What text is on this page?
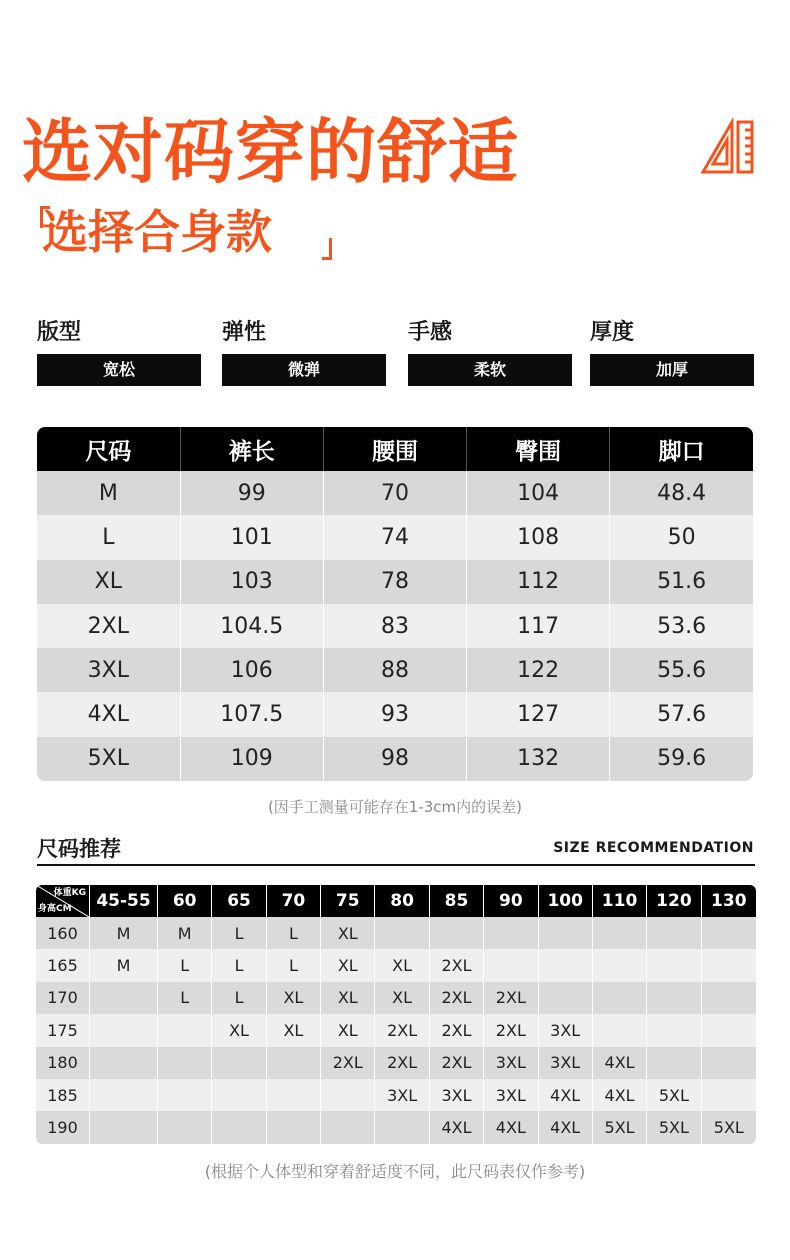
选对码穿的舒适
选择合身款
版型
宽松
弹性
微弹
手感
柔软
厚度
加厚
尺码	裤长	腰围	臀围	脚口
M	99	70	104	48.4
L	101	74	108	50
XL	103	78	112	51.6
2XL	104.5	83	117	53.6
3XL	106	88	122	55.6
4XL	107.5	93	127	57.6
5XL	109	98	132	59.6
(因手工测量可能存在1-3cm内的误差)
尺码推荐	SIZE RECOMMENDATION
体重KG
身高CM	45-55	60	65	70	75	80	85	90	100	110	120	130
160	M	M	L	L	XL							
165	M	L	L	L	XL	XL	2XL					
170		L	L	XL	XL	XL	2XL	2XL				
175			XL	XL	XL	2XL	2XL	2XL	3XL			
180					2XL	2XL	2XL	3XL	3XL	4XL		
185						3XL	3XL	3XL	4XL	4XL	5XL	
190							4XL	4XL	4XL	5XL	5XL	5XL
(根据个人体型和穿着舒适度不同，此尺码表仅作参考)
